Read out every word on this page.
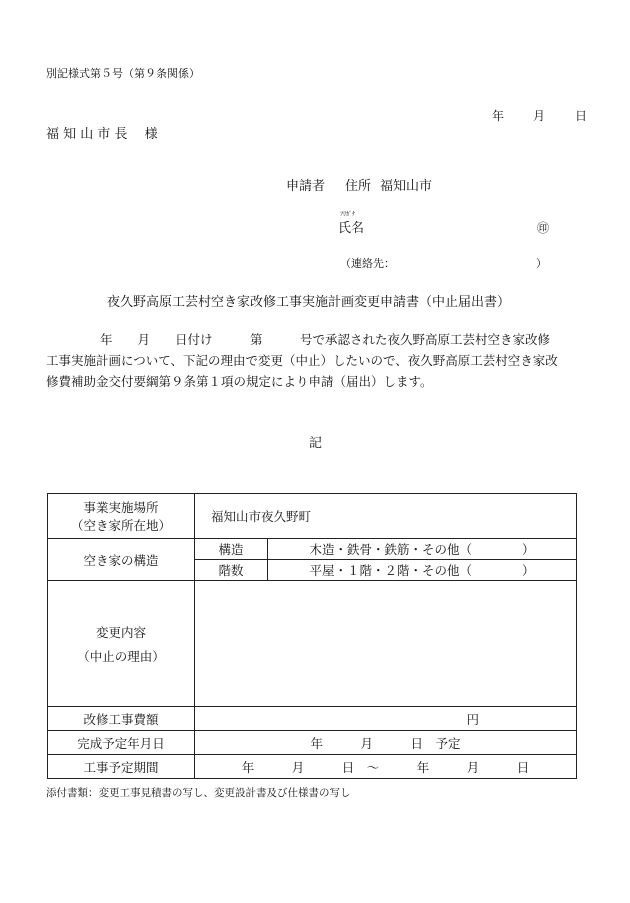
別記様式第５号（第９条関係）
年 月 日
福 知 山 市 長　 様
申請者 住所 福知山市
ﾌﾘｶﾞﾅ
氏名	㊞
（連絡先：	）
夜久野高原工芸村空き家改修工事実施計画変更申請書（中止届出書）
年　　月　　日付け　　　第　　　号で承認された夜久野高原工芸村空き家改修
工事実施計画について、下記の理由で変更（中止）したいので、夜久野高原工芸村空き家改
修費補助金交付要綱第９条第１項の規定により申請（届出）します。
記
事業実施場所
（空き家所在地）	福知山市夜久野町	
空き家の構造	構造	木造・鉄骨・鉄筋・その他（　　　　）
	階数	平屋・１階・２階・その他（　　　　）

変更内容
（中止の理由）		

改修工事費額	円	
完成予定年月日	年　　　月　　　日　予定	
工事予定期間	年　　　月　　　日　〜　　　年　　　月　　　日	
添付書類：変更工事見積書の写し、変更設計書及び仕様書の写し
